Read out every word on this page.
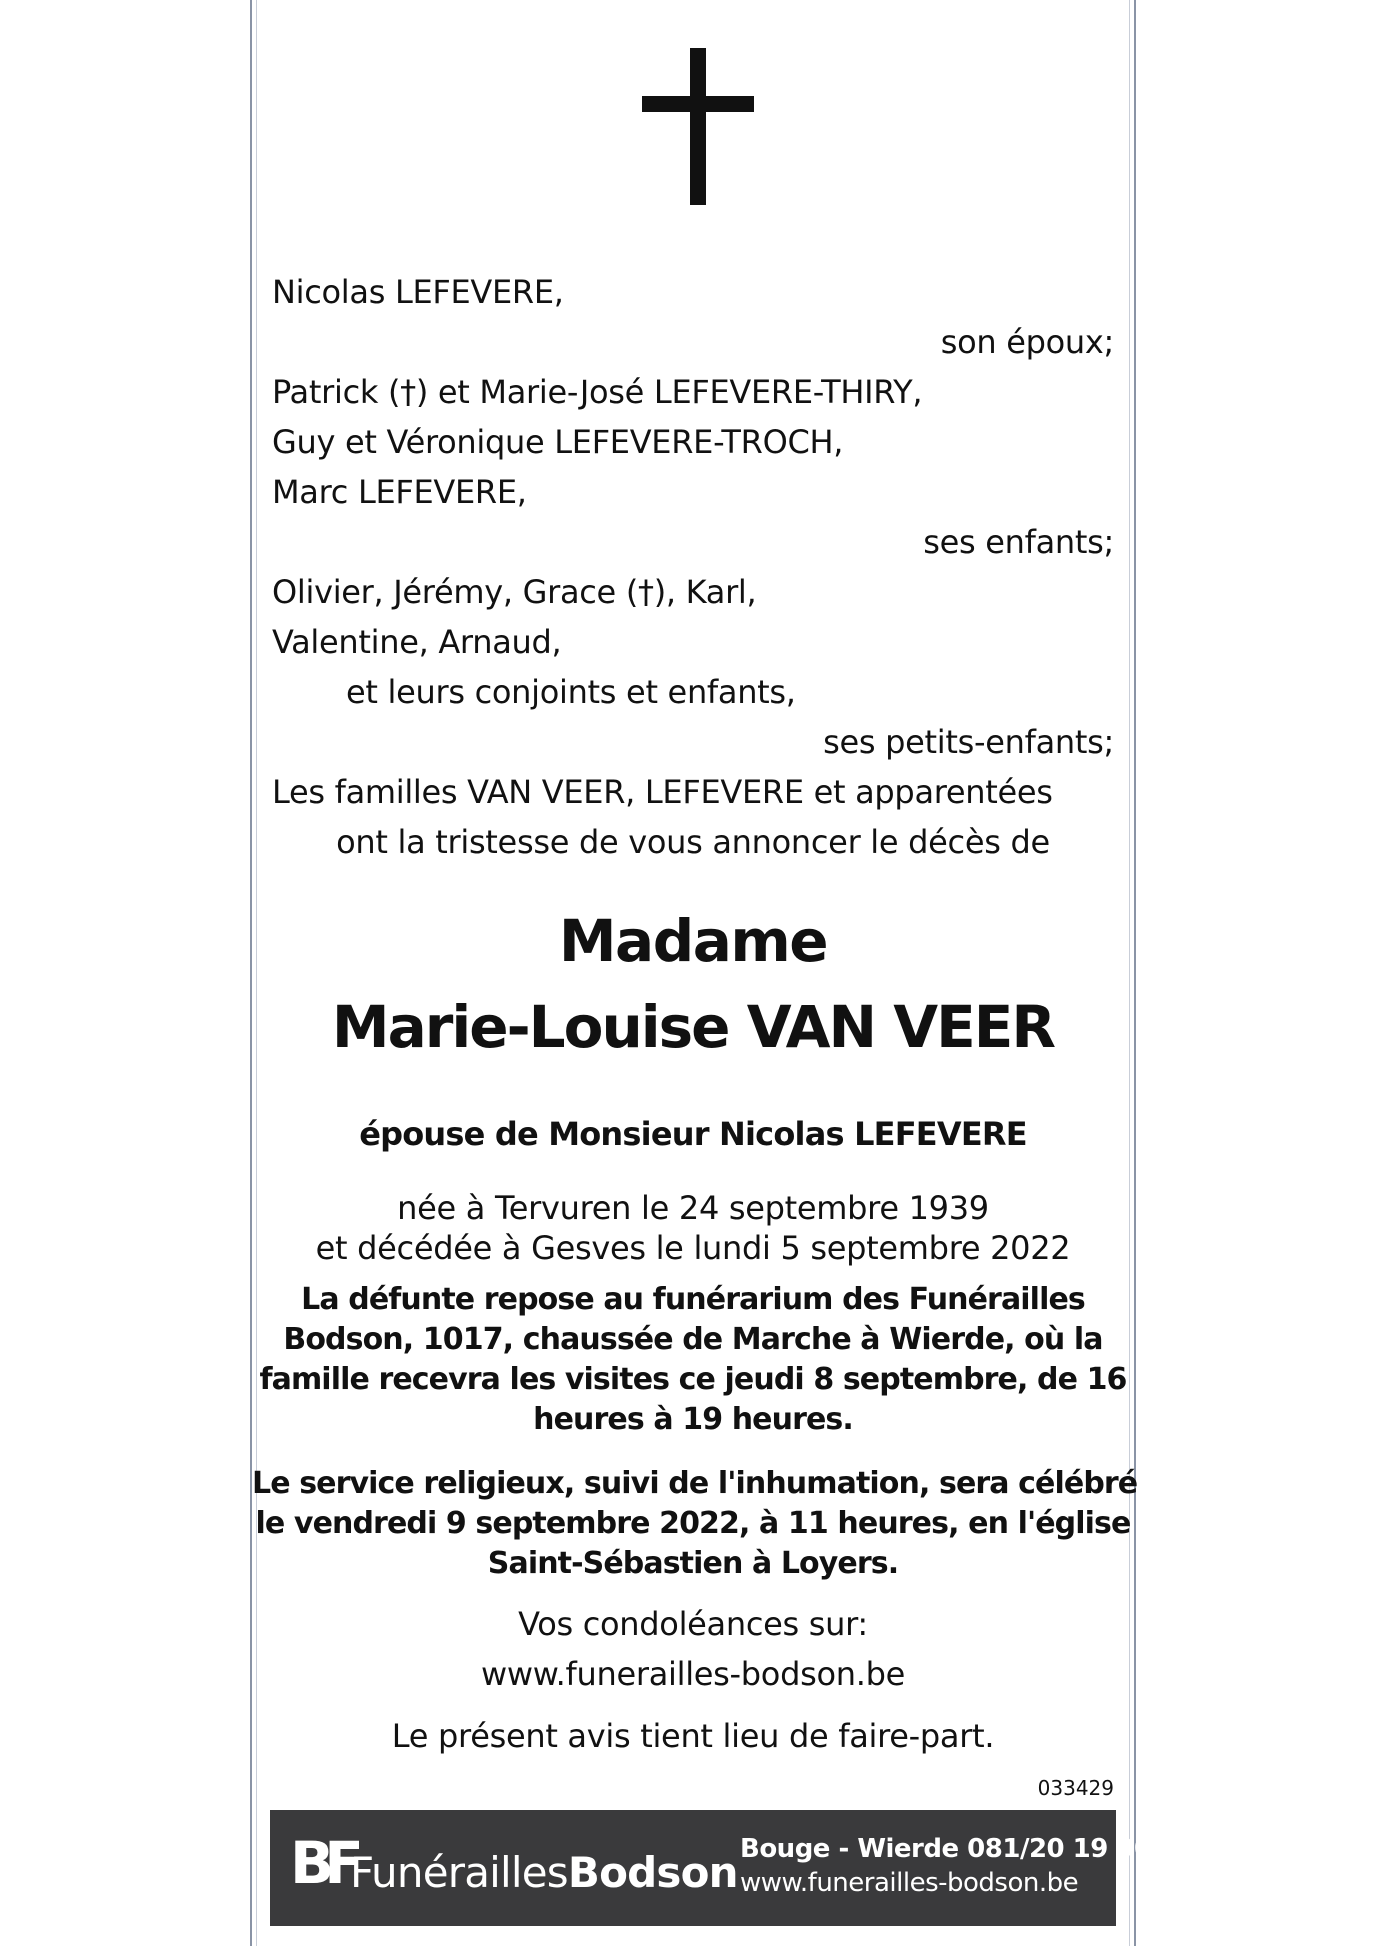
Nicolas LEFEVERE,
son époux;
Patrick (†) et Marie-José LEFEVERE-THIRY,
Guy et Véronique LEFEVERE-TROCH,
Marc LEFEVERE,
ses enfants;
Olivier, Jérémy, Grace (†), Karl,
Valentine, Arnaud,
et leurs conjoints et enfants,
ses petits-enfants;
Les familles VAN VEER, LEFEVERE et apparentées
ont la tristesse de vous annoncer le décès de
Madame
Marie-Louise VAN VEER
épouse de Monsieur Nicolas LEFEVERE
née à Tervuren le 24 septembre 1939
et décédée à Gesves le lundi 5 septembre 2022
La défunte repose au funérarium des Funérailles
Bodson, 1017, chaussée de Marche à Wierde, où la
famille recevra les visites ce jeudi 8 septembre, de 16
heures à 19 heures.
Le service religieux, suivi de l'inhumation, sera célébré
le vendredi 9 septembre 2022, à 11 heures, en l'église
Saint-Sébastien à Loyers.
Vos condoléances sur:
www.funerailles-bodson.be
Le présent avis tient lieu de faire-part.
033429
BF
FunéraillesBodson Bouge - Wierde 081/20 19 90
www.funerailles-bodson.be
